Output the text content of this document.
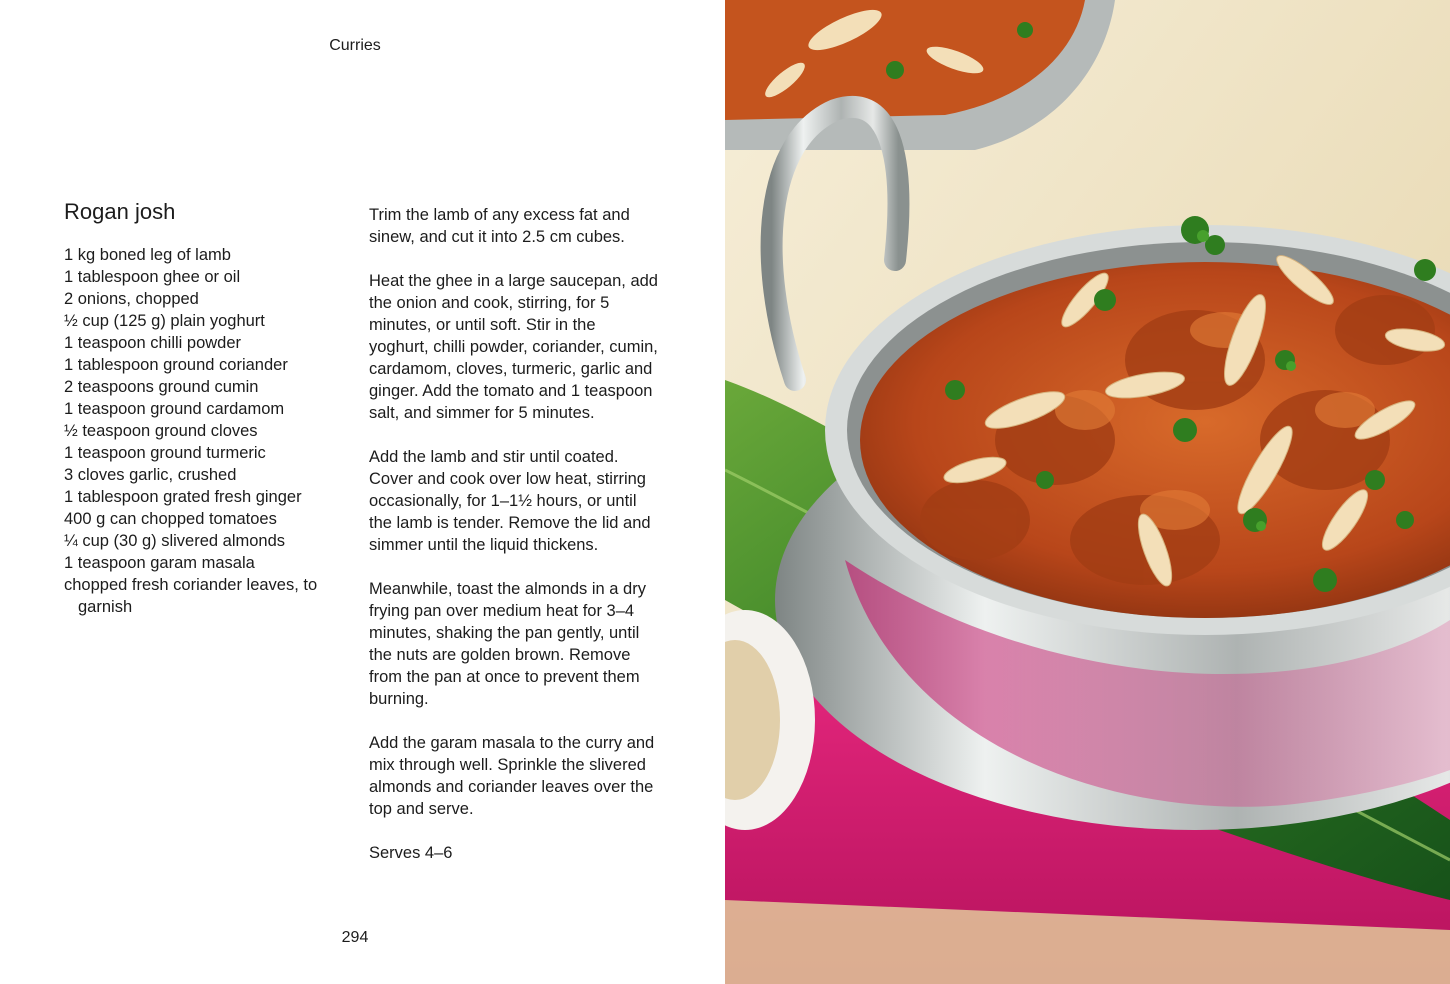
Curries
Rogan josh
1 kg boned leg of lamb
1 tablespoon ghee or oil
2 onions, chopped
½ cup (125 g) plain yoghurt
1 teaspoon chilli powder
1 tablespoon ground coriander
2 teaspoons ground cumin
1 teaspoon ground cardamom
½ teaspoon ground cloves
1 teaspoon ground turmeric
3 cloves garlic, crushed
1 tablespoon grated fresh ginger
400 g can chopped tomatoes
¼ cup (30 g) slivered almonds
1 teaspoon garam masala
chopped fresh coriander leaves, to garnish

Trim the lamb of any excess fat and sinew, and cut it into 2.5 cm cubes.

Heat the ghee in a large saucepan, add the onion and cook, stirring, for 5 minutes, or until soft. Stir in the yoghurt, chilli powder, coriander, cumin, cardamom, cloves, turmeric, garlic and ginger. Add the tomato and 1 teaspoon salt, and simmer for 5 minutes.

Add the lamb and stir until coated. Cover and cook over low heat, stirring occasionally, for 1–1½ hours, or until the lamb is tender. Remove the lid and simmer until the liquid thickens.

Meanwhile, toast the almonds in a dry frying pan over medium heat for 3–4 minutes, shaking the pan gently, until the nuts are golden brown. Remove from the pan at once to prevent them burning.

Add the garam masala to the curry and mix through well. Sprinkle the slivered almonds and coriander leaves over the top and serve.

Serves 4–6

294
